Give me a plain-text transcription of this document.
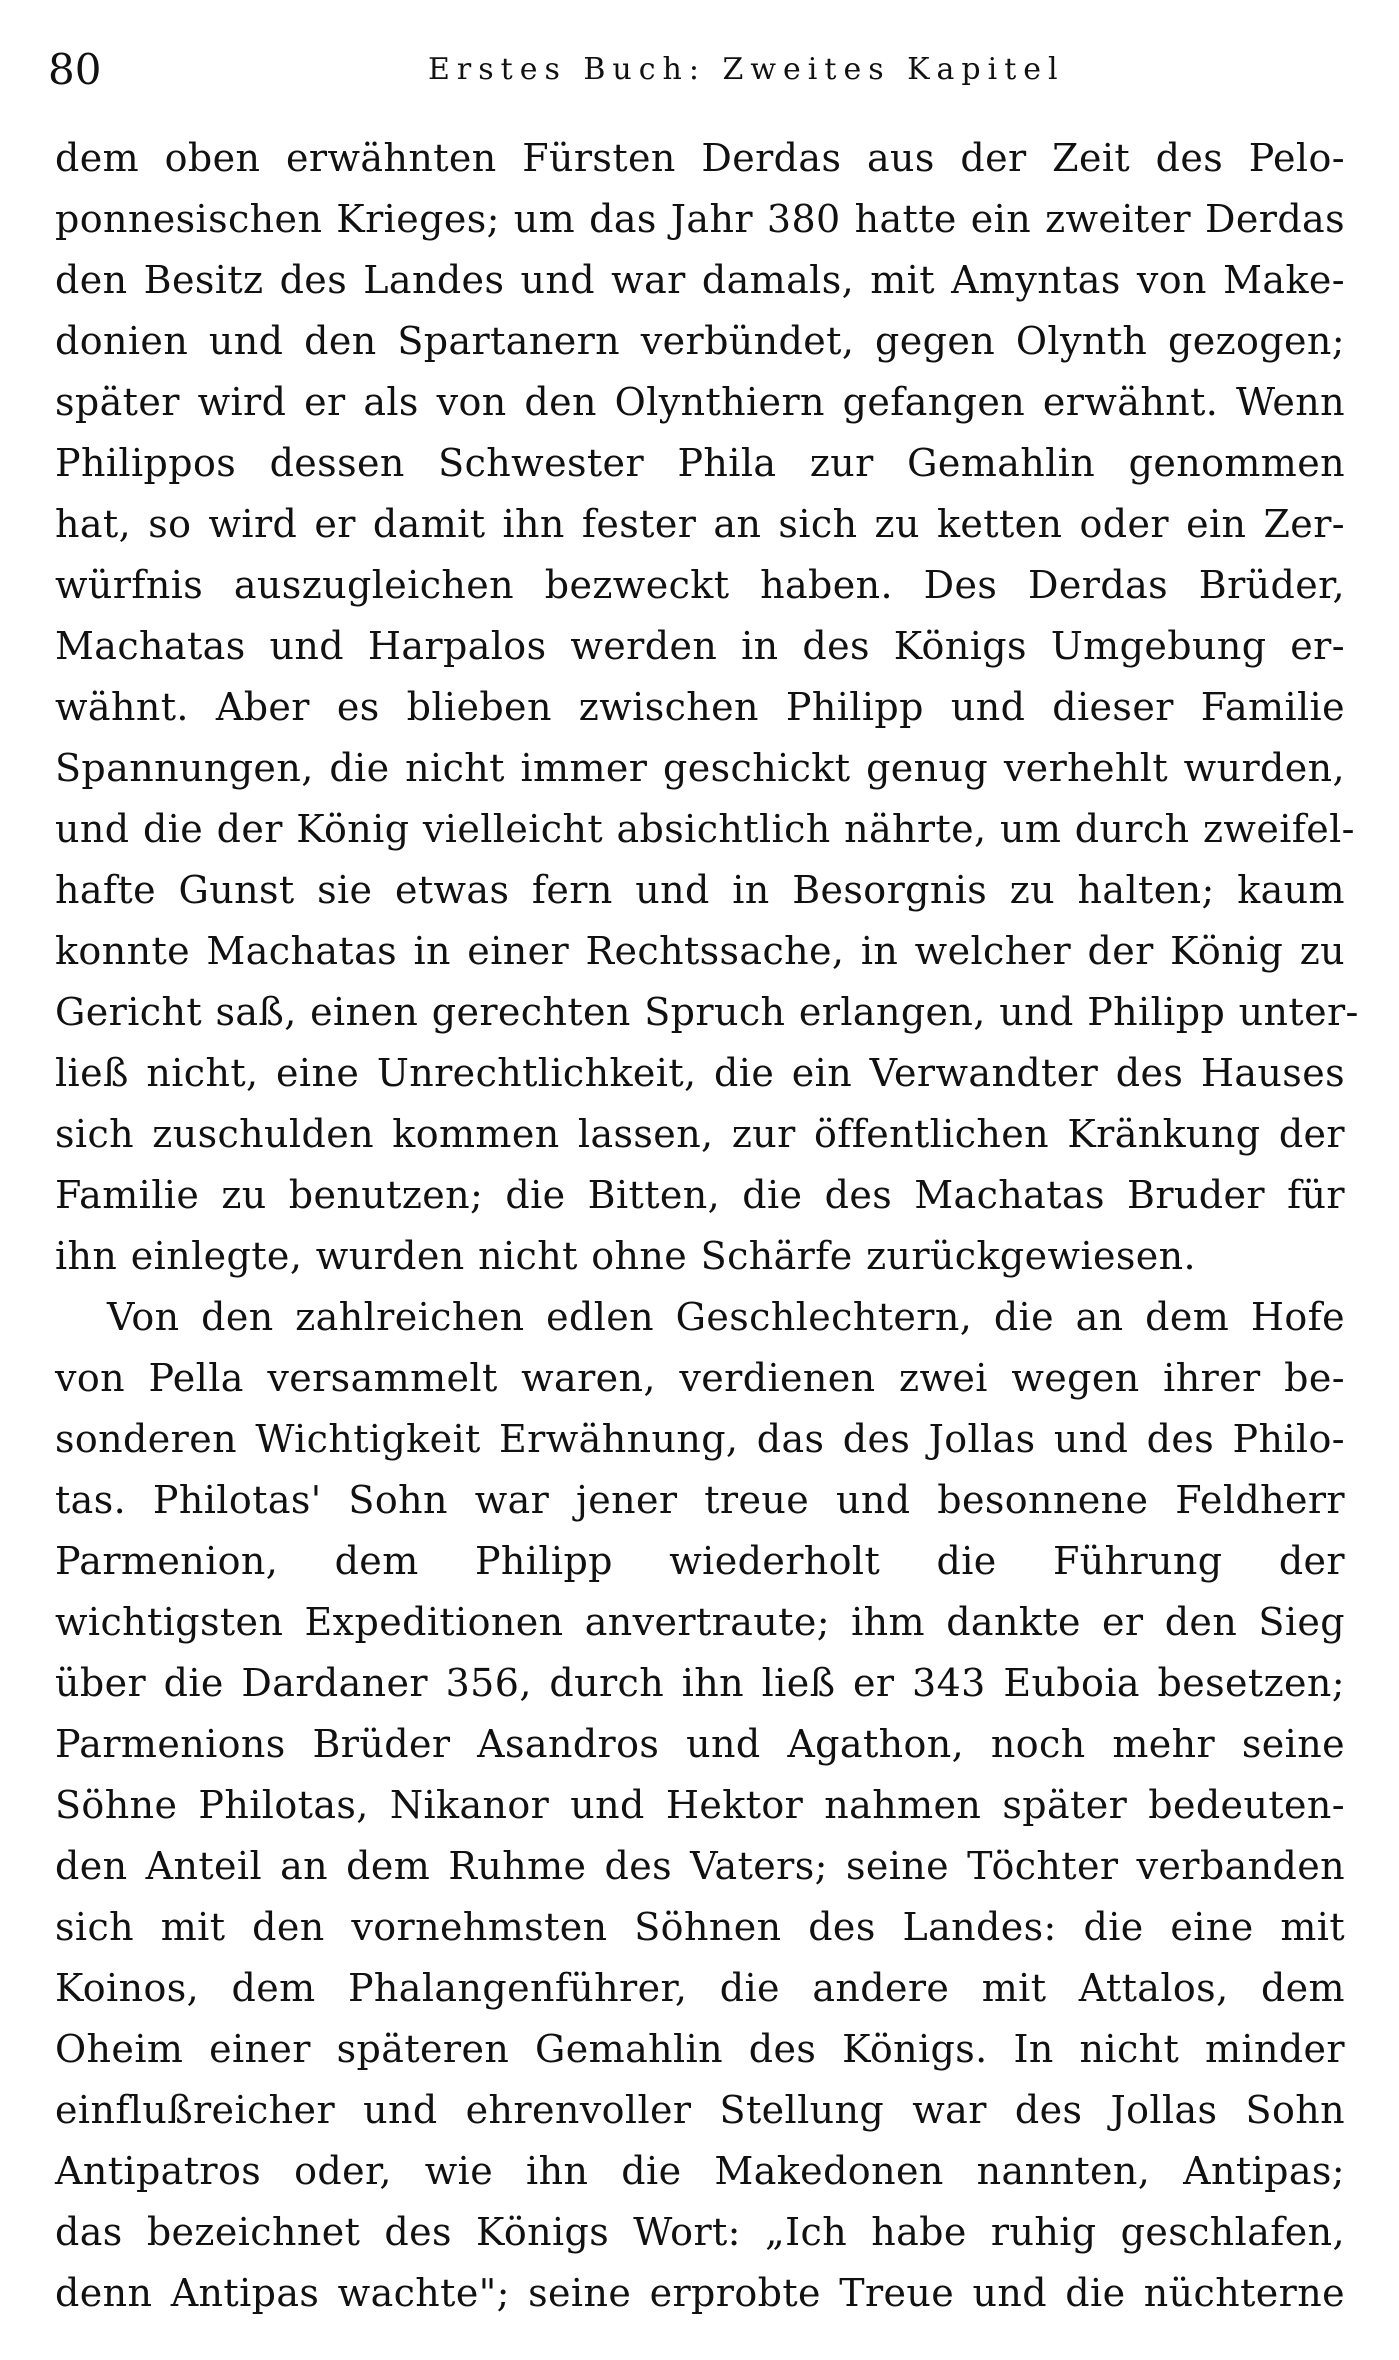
80	Erstes Buch: Zweites Kapitel
dem oben erwähnten Fürsten Derdas aus der Zeit des Pelo-
ponnesischen Krieges; um das Jahr 380 hatte ein zweiter Derdas
den Besitz des Landes und war damals, mit Amyntas von Make-
donien und den Spartanern verbündet, gegen Olynth gezogen;
später wird er als von den Olynthiern gefangen erwähnt. Wenn
Philippos dessen Schwester Phila zur Gemahlin genommen
hat, so wird er damit ihn fester an sich zu ketten oder ein Zer-
würfnis auszugleichen bezweckt haben. Des Derdas Brüder,
Machatas und Harpalos werden in des Königs Umgebung er-
wähnt. Aber es blieben zwischen Philipp und dieser Familie
Spannungen, die nicht immer geschickt genug verhehlt wurden,
und die der König vielleicht absichtlich nährte, um durch zweifel-
hafte Gunst sie etwas fern und in Besorgnis zu halten; kaum
konnte Machatas in einer Rechtssache, in welcher der König zu
Gericht saß, einen gerechten Spruch erlangen, und Philipp unter-
ließ nicht, eine Unrechtlichkeit, die ein Verwandter des Hauses
sich zuschulden kommen lassen, zur öffentlichen Kränkung der
Familie zu benutzen; die Bitten, die des Machatas Bruder für
ihn einlegte, wurden nicht ohne Schärfe zurückgewiesen.
Von den zahlreichen edlen Geschlechtern, die an dem Hofe
von Pella versammelt waren, verdienen zwei wegen ihrer be-
sonderen Wichtigkeit Erwähnung, das des Jollas und des Philo-
tas. Philotas' Sohn war jener treue und besonnene Feldherr
Parmenion, dem Philipp wiederholt die Führung der
wichtigsten Expeditionen anvertraute; ihm dankte er den Sieg
über die Dardaner 356, durch ihn ließ er 343 Euboia besetzen;
Parmenions Brüder Asandros und Agathon, noch mehr seine
Söhne Philotas, Nikanor und Hektor nahmen später bedeuten-
den Anteil an dem Ruhme des Vaters; seine Töchter verbanden
sich mit den vornehmsten Söhnen des Landes: die eine mit
Koinos, dem Phalangenführer, die andere mit Attalos, dem
Oheim einer späteren Gemahlin des Königs. In nicht minder
einflußreicher und ehrenvoller Stellung war des Jollas Sohn
Antipatros oder, wie ihn die Makedonen nannten, Antipas;
das bezeichnet des Königs Wort: „Ich habe ruhig geschlafen,
denn Antipas wachte"; seine erprobte Treue und die nüchterne
